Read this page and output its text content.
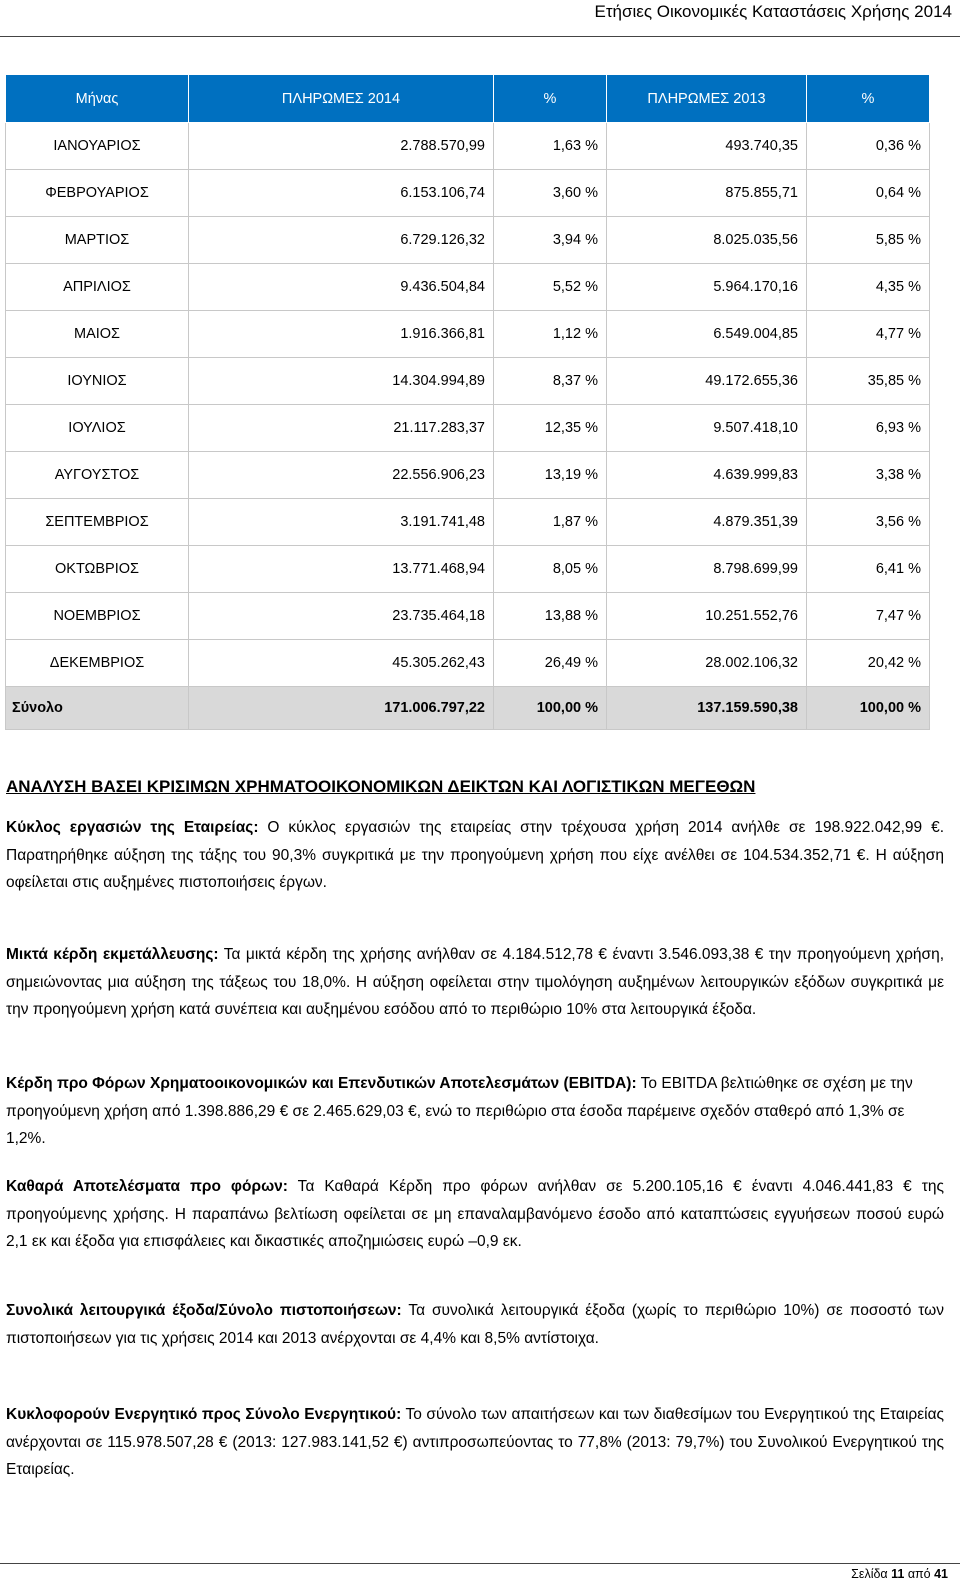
Ετήσιες Οικονομικές Καταστάσεις Χρήσης 2014
Μήνας	ΠΛΗΡΩΜΕΣ 2014	%	ΠΛΗΡΩΜΕΣ 2013	%
ΙΑΝΟΥΑΡΙΟΣ	2.788.570,99	1,63 %	493.740,35	0,36 %
ΦΕΒΡΟΥΑΡΙΟΣ	6.153.106,74	3,60 %	875.855,71	0,64 %
ΜΑΡΤΙΟΣ	6.729.126,32	3,94 %	8.025.035,56	5,85 %
ΑΠΡΙΛΙΟΣ	9.436.504,84	5,52 %	5.964.170,16	4,35 %
ΜΑΙΟΣ	1.916.366,81	1,12 %	6.549.004,85	4,77 %
ΙΟΥΝΙΟΣ	14.304.994,89	8,37 %	49.172.655,36	35,85 %
ΙΟΥΛΙΟΣ	21.117.283,37	12,35 %	9.507.418,10	6,93 %
ΑΥΓΟΥΣΤΟΣ	22.556.906,23	13,19 %	4.639.999,83	3,38 %
ΣΕΠΤΕΜΒΡΙΟΣ	3.191.741,48	1,87 %	4.879.351,39	3,56 %
ΟΚΤΩΒΡΙΟΣ	13.771.468,94	8,05 %	8.798.699,99	6,41 %
ΝΟΕΜΒΡΙΟΣ	23.735.464,18	13,88 %	10.251.552,76	7,47 %
ΔΕΚΕΜΒΡΙΟΣ	45.305.262,43	26,49 %	28.002.106,32	20,42 %
Σύνολο	171.006.797,22	100,00 %	137.159.590,38	100,00 %
ΑΝΑΛΥΣΗ ΒΑΣΕΙ ΚΡΙΣΙΜΩΝ ΧΡΗΜΑΤΟΟΙΚΟΝΟΜΙΚΩΝ ΔΕΙΚΤΩΝ ΚΑΙ ΛΟΓΙΣΤΙΚΩΝ ΜΕΓΕΘΩΝ

Κύκλος εργασιών της Εταιρείας: Ο κύκλος εργασιών της εταιρείας στην τρέχουσα χρήση 2014 ανήλθε σε 198.922.042,99 €. Παρατηρήθηκε αύξηση της τάξης του 90,3% συγκριτικά με την προηγούμενη χρήση που είχε ανέλθει σε 104.534.352,71 €. Η αύξηση οφείλεται στις αυξημένες πιστοποιήσεις έργων.

Μικτά κέρδη εκμετάλλευσης: Τα μικτά κέρδη της χρήσης ανήλθαν σε 4.184.512,78 € έναντι 3.546.093,38 € την προηγούμενη χρήση, σημειώνοντας μια αύξηση της τάξεως του 18,0%. Η αύξηση οφείλεται στην τιμολόγηση αυξημένων λειτουργικών εξόδων συγκριτικά με την προηγούμενη χρήση κατά συνέπεια και αυξημένου εσόδου από το περιθώριο 10% στα λειτουργικά έξοδα.

Κέρδη προ Φόρων Χρηματοοικονομικών και Επενδυτικών Αποτελεσμάτων (EBITDA): Το EBITDA βελτιώθηκε σε σχέση με την προηγούμενη χρήση από 1.398.886,29 € σε 2.465.629,03 €, ενώ το περιθώριο στα έσοδα παρέμεινε σχεδόν σταθερό από 1,3% σε 1,2%.

Καθαρά Αποτελέσματα προ φόρων: Τα Καθαρά Κέρδη προ φόρων ανήλθαν σε 5.200.105,16 € έναντι 4.046.441,83 € της προηγούμενης χρήσης. Η παραπάνω βελτίωση οφείλεται σε μη επαναλαμβανόμενο έσοδο από καταπτώσεις εγγυήσεων ποσού ευρώ 2,1 εκ και έξοδα για επισφάλειες και δικαστικές αποζημιώσεις ευρώ –0,9 εκ.

Συνολικά λειτουργικά έξοδα/Σύνολο πιστοποιήσεων: Τα συνολικά λειτουργικά έξοδα (χωρίς το περιθώριο 10%) σε ποσοστό των πιστοποιήσεων για τις χρήσεις 2014 και 2013 ανέρχονται σε 4,4% και 8,5% αντίστοιχα.

Κυκλοφορούν Ενεργητικό προς Σύνολο Ενεργητικού: Το σύνολο των απαιτήσεων και των διαθεσίμων του Ενεργητικού της Εταιρείας ανέρχονται σε 115.978.507,28 € (2013: 127.983.141,52 €) αντιπροσωπεύοντας το 77,8% (2013: 79,7%) του Συνολικού Ενεργητικού της Εταιρείας.

Σελίδα 11 από 41
